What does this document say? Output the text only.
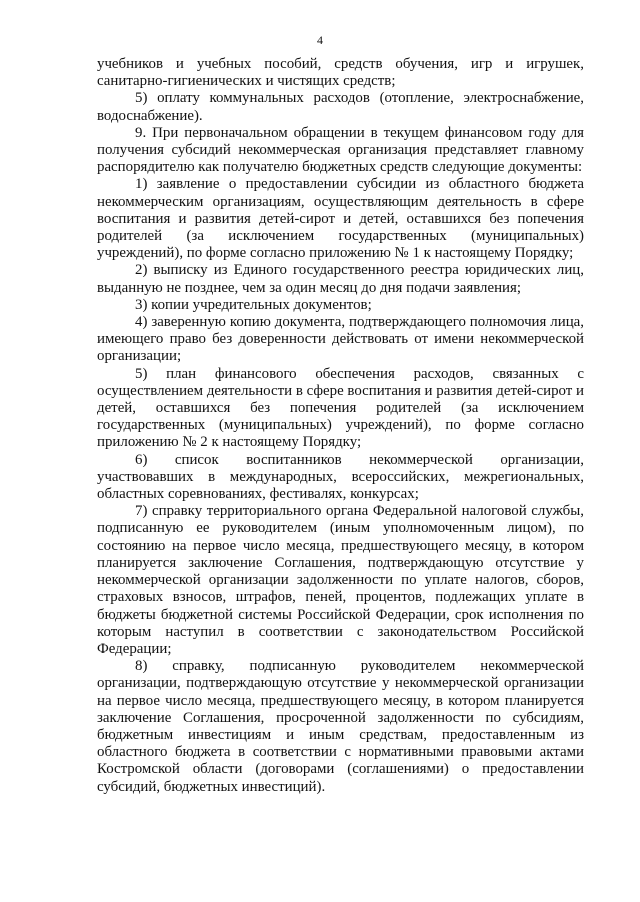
4

учебников и учебных пособий, средств обучения, игр и игрушек, санитарно-гигиенических и чистящих средств;

5) оплату коммунальных расходов (отопление, электроснабжение, водоснабжение).

9. При первоначальном обращении в текущем финансовом году для получения субсидий некоммерческая организация представляет главному распорядителю как получателю бюджетных средств следующие документы:

1) заявление о предоставлении субсидии из областного бюджета некоммерческим организациям, осуществляющим деятельность в сфере воспитания и развития детей-сирот и детей, оставшихся без попечения родителей (за исключением государственных (муниципальных) учреждений), по форме согласно приложению № 1 к настоящему Порядку;

2) выписку из Единого государственного реестра юридических лиц, выданную не позднее, чем за один месяц до дня подачи заявления;

3) копии учредительных документов;

4) заверенную копию документа, подтверждающего полномочия лица, имеющего право без доверенности действовать от имени некоммерческой организации;

5) план финансового обеспечения расходов, связанных с осуществлением деятельности в сфере воспитания и развития детей-сирот и детей, оставшихся без попечения родителей (за исключением государственных (муниципальных) учреждений), по форме согласно приложению № 2 к настоящему Порядку;

6) список воспитанников некоммерческой организации, участвовавших в международных, всероссийских, межрегиональных, областных соревнованиях, фестивалях, конкурсах;

7) справку территориального органа Федеральной налоговой службы, подписанную ее руководителем (иным уполномоченным лицом), по состоянию на первое число месяца, предшествующего месяцу, в котором планируется заключение Соглашения, подтверждающую отсутствие у некоммерческой организации задолженности по уплате налогов, сборов, страховых взносов, штрафов, пеней, процентов, подлежащих уплате в бюджеты бюджетной системы Российской Федерации, срок исполнения по которым наступил в соответствии с законодательством Российской Федерации;

8) справку, подписанную руководителем некоммерческой организации, подтверждающую отсутствие у некоммерческой организации на первое число месяца, предшествующего месяцу, в котором планируется заключение Соглашения, просроченной задолженности по субсидиям, бюджетным инвестициям и иным средствам, предоставленным из областного бюджета в соответствии с нормативными правовыми актами Костромской области (договорами (соглашениями) о предоставлении субсидий, бюджетных инвестиций).
